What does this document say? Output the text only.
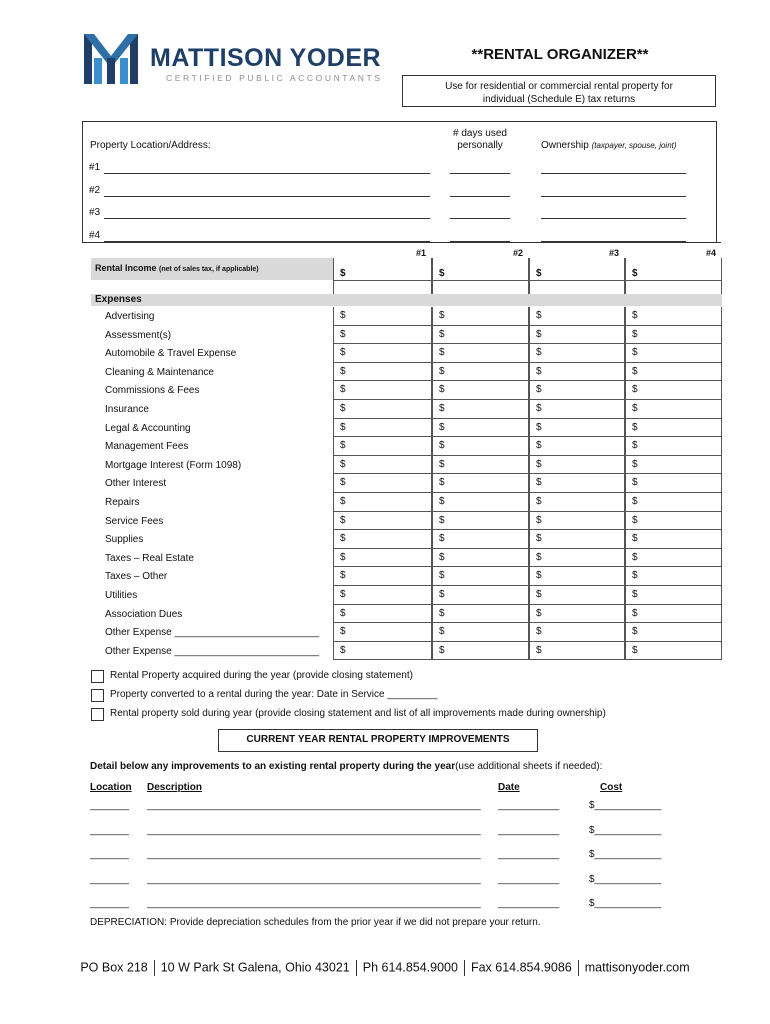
MATTISON YODER
CERTIFIED PUBLIC ACCOUNTANTS
**RENTAL ORGANIZER**
Use for residential or commercial rental property for
individual (Schedule E) tax returns
Property Location/Address:
# days used
personally	Ownership (taxpayer, spouse, joint)
#1
#2
#3
#4
#1	#2	#3	#4
Rental Income (net of sales tax, if applicable)	$	$	$	$
Expenses
Advertising	$	$	$	$
Assessment(s)	$	$	$	$
Automobile & Travel Expense	$	$	$	$
Cleaning & Maintenance	$	$	$	$
Commissions & Fees	$	$	$	$
Insurance	$	$	$	$
Legal & Accounting	$	$	$	$
Management Fees	$	$	$	$
Mortgage Interest (Form 1098)	$	$	$	$
Other Interest	$	$	$	$
Repairs	$	$	$	$
Service Fees	$	$	$	$
Supplies	$	$	$	$
Taxes – Real Estate	$	$	$	$
Taxes – Other	$	$	$	$
Utilities	$	$	$	$
Association Dues	$	$	$	$
Other Expense __________________________	$	$	$	$
Other Expense __________________________	$	$	$	$
Rental Property acquired during the year (provide closing statement)
Property converted to a rental during the year: Date in Service _________
Rental property sold during year (provide closing statement and list of all improvements made during ownership)
CURRENT YEAR RENTAL PROPERTY IMPROVEMENTS
Detail below any improvements to an existing rental property during the year(use additional sheets if needed):
Location Description	Date	Cost
_______ ____________________________________________________________ ___________	$____________
_______ ____________________________________________________________ ___________	$____________
_______ ____________________________________________________________ ___________	$____________
_______ ____________________________________________________________ ___________	$____________
_______ ____________________________________________________________ ___________	$____________
DEPRECIATION: Provide depreciation schedules from the prior year if we did not prepare your return.
PO Box 218 10 W Park St Galena, Ohio 43021 Ph 614.854.9000 Fax 614.854.9086 mattisonyoder.com
